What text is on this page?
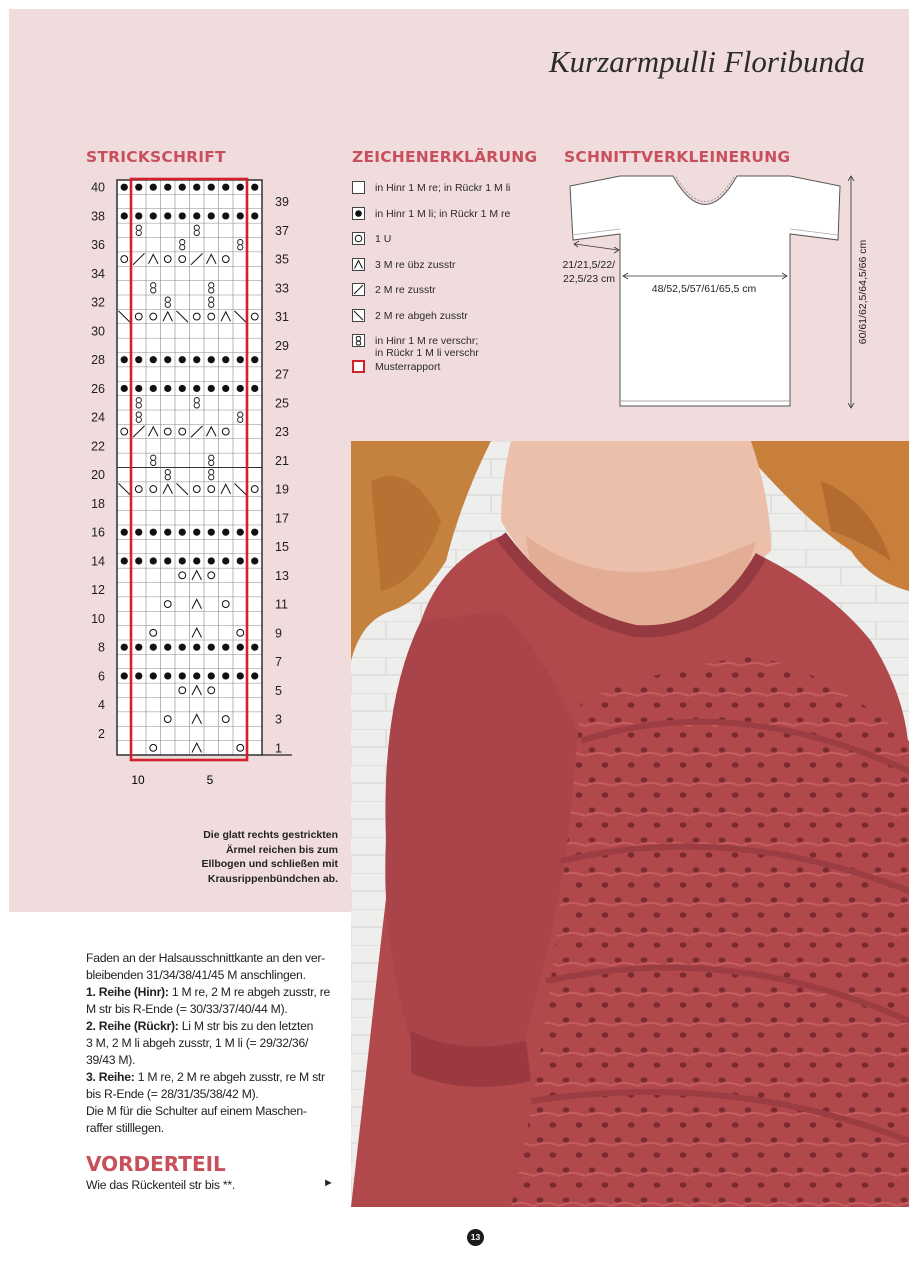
Kurzarmpulli Floribunda
STRICKSCHRIFT	ZEICHENERKLÄRUNG SCHNITTVERKLEINERUNG
40
38
36
34
32
30
28
26
24
22
20
18
16
14
12
10
8
6
4
2
39
37
35
33
31
29
27
25
23
21
19
17
15
13
11
9
7
5
3
1
10	5
in Hinr 1 M re; in Rückr 1 M li
in Hinr 1 M li; in Rückr 1 M re
1 U
3 M re übz zusstr
2 M re zusstr
2 M re abgeh zusstr
in Hinr 1 M re verschr;
in Rückr 1 M li verschr
Musterrapport
21/21,5/22/
22,5/23 cm
48/52,5/57/61/65,5 cm	60/61/62,5/64,5/66 cm
Die glatt rechts gestrickten
Ärmel reichen bis zum
Ellbogen und schließen mit
Krausrippenbündchen ab.

Faden an der Halsausschnittkante an den ver-

bleibenden 31/34/38/41/45 M anschlingen.

1. Reihe (Hinr): 1 M re, 2 M re abgeh zusstr, re

M str bis R-Ende (= 30/33/37/40/44 M).

2. Reihe (Rückr): Li M str bis zu den letzten

3 M, 2 M li abgeh zusstr, 1 M li (= 29/32/36/

39/43 M).

3. Reihe: 1 M re, 2 M re abgeh zusstr, re M str

bis R-Ende (= 28/31/35/38/42 M).

Die M für die Schulter auf einem Maschen-

raffer stilllegen.

VORDERTEIL
Wie das Rückenteil str bis **.	►
13
